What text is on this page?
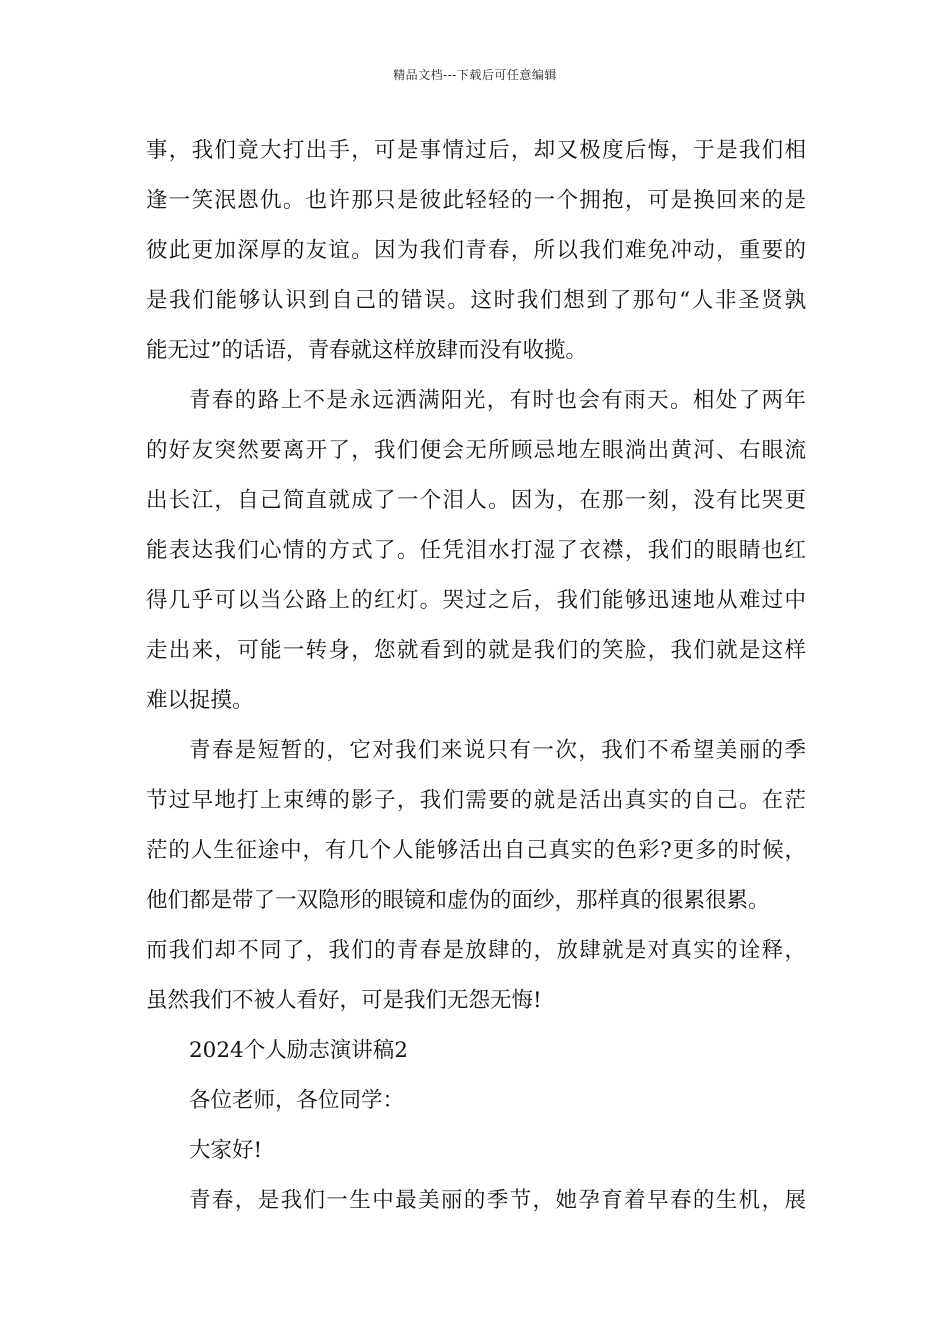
精品文档---下载后可任意编辑
事，我们竟大打出手，可是事情过后，却又极度后悔，于是我们相
逢一笑泯恩仇。也许那只是彼此轻轻的一个拥抱，可是换回来的是
彼此更加深厚的友谊。因为我们青春，所以我们难免冲动，重要的
是我们能够认识到自己的错误。这时我们想到了那句“人非圣贤孰
能无过”的话语，青春就这样放肆而没有收揽。
青春的路上不是永远洒满阳光，有时也会有雨天。相处了两年
的好友突然要离开了，我们便会无所顾忌地左眼淌出黄河、右眼流
出长江，自己简直就成了一个泪人。因为，在那一刻，没有比哭更
能表达我们心情的方式了。任凭泪水打湿了衣襟，我们的眼睛也红
得几乎可以当公路上的红灯。哭过之后，我们能够迅速地从难过中
走出来，可能一转身，您就看到的就是我们的笑脸，我们就是这样
难以捉摸。
青春是短暂的，它对我们来说只有一次，我们不希望美丽的季
节过早地打上束缚的影子，我们需要的就是活出真实的自己。在茫
茫的人生征途中，有几个人能够活出自己真实的色彩?更多的时候，
他们都是带了一双隐形的眼镜和虚伪的面纱，那样真的很累很累。
而我们却不同了，我们的青春是放肆的，放肆就是对真实的诠释，
虽然我们不被人看好，可是我们无怨无悔!
2024个人励志演讲稿2
各位老师，各位同学：
大家好!
青春，是我们一生中最美丽的季节，她孕育着早春的生机，展
